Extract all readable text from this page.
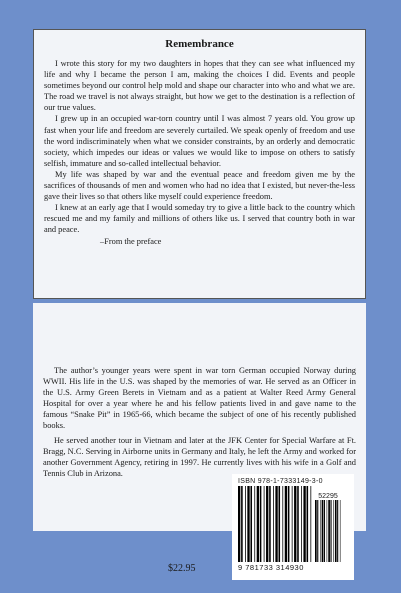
Remembrance

I wrote this story for my two daughters in hopes that they can see what influenced my life and why I became the person I am, making the choices I did. Events and people sometimes beyond our control help mold and shape our character into who and what we are. The road we travel is not always straight, but how we get to the destination is a reflection of our true values.

I grew up in an occupied war-torn country until I was almost 7 years old. You grow up fast when your life and freedom are severely curtailed. We speak openly of freedom and use the word indiscriminately when what we consider constraints, by an orderly and democratic society, which impedes our ideas or values we would like to impose on others to satisfy selfish, immature and so-called intellectual behavior.

My life was shaped by war and the eventual peace and freedom given me by the sacrifices of thousands of men and women who had no idea that I existed, but never-the-less gave their lives so that others like myself could experience freedom.

I knew at an early age that I would someday try to give a little back to the country which rescued me and my family and millions of others like us. I served that country both in war and peace.

–From the preface

The author’s younger years were spent in war torn German occupied Norway during WWII. His life in the U.S. was shaped by the memories of war. He served as an Officer in the U.S. Army Green Berets in Vietnam and as a patient at Walter Reed Army General Hospital for over a year where he and his fellow patients lived in and gave name to the famous “Snake Pit” in 1965-66, which became the subject of one of his recently published books.

He served another tour in Vietnam and later at the JFK Center for Special Warfare at Ft. Bragg, N.C. Serving in Airborne units in Germany and Italy, he left the Army and worked for another Government Agency, retiring in 1997. He currently lives with his wife in a Golf and Tennis Club in Arizona.

$22.95
ISBN 978-1-7333149-3-0
52295
9 781733 314930
